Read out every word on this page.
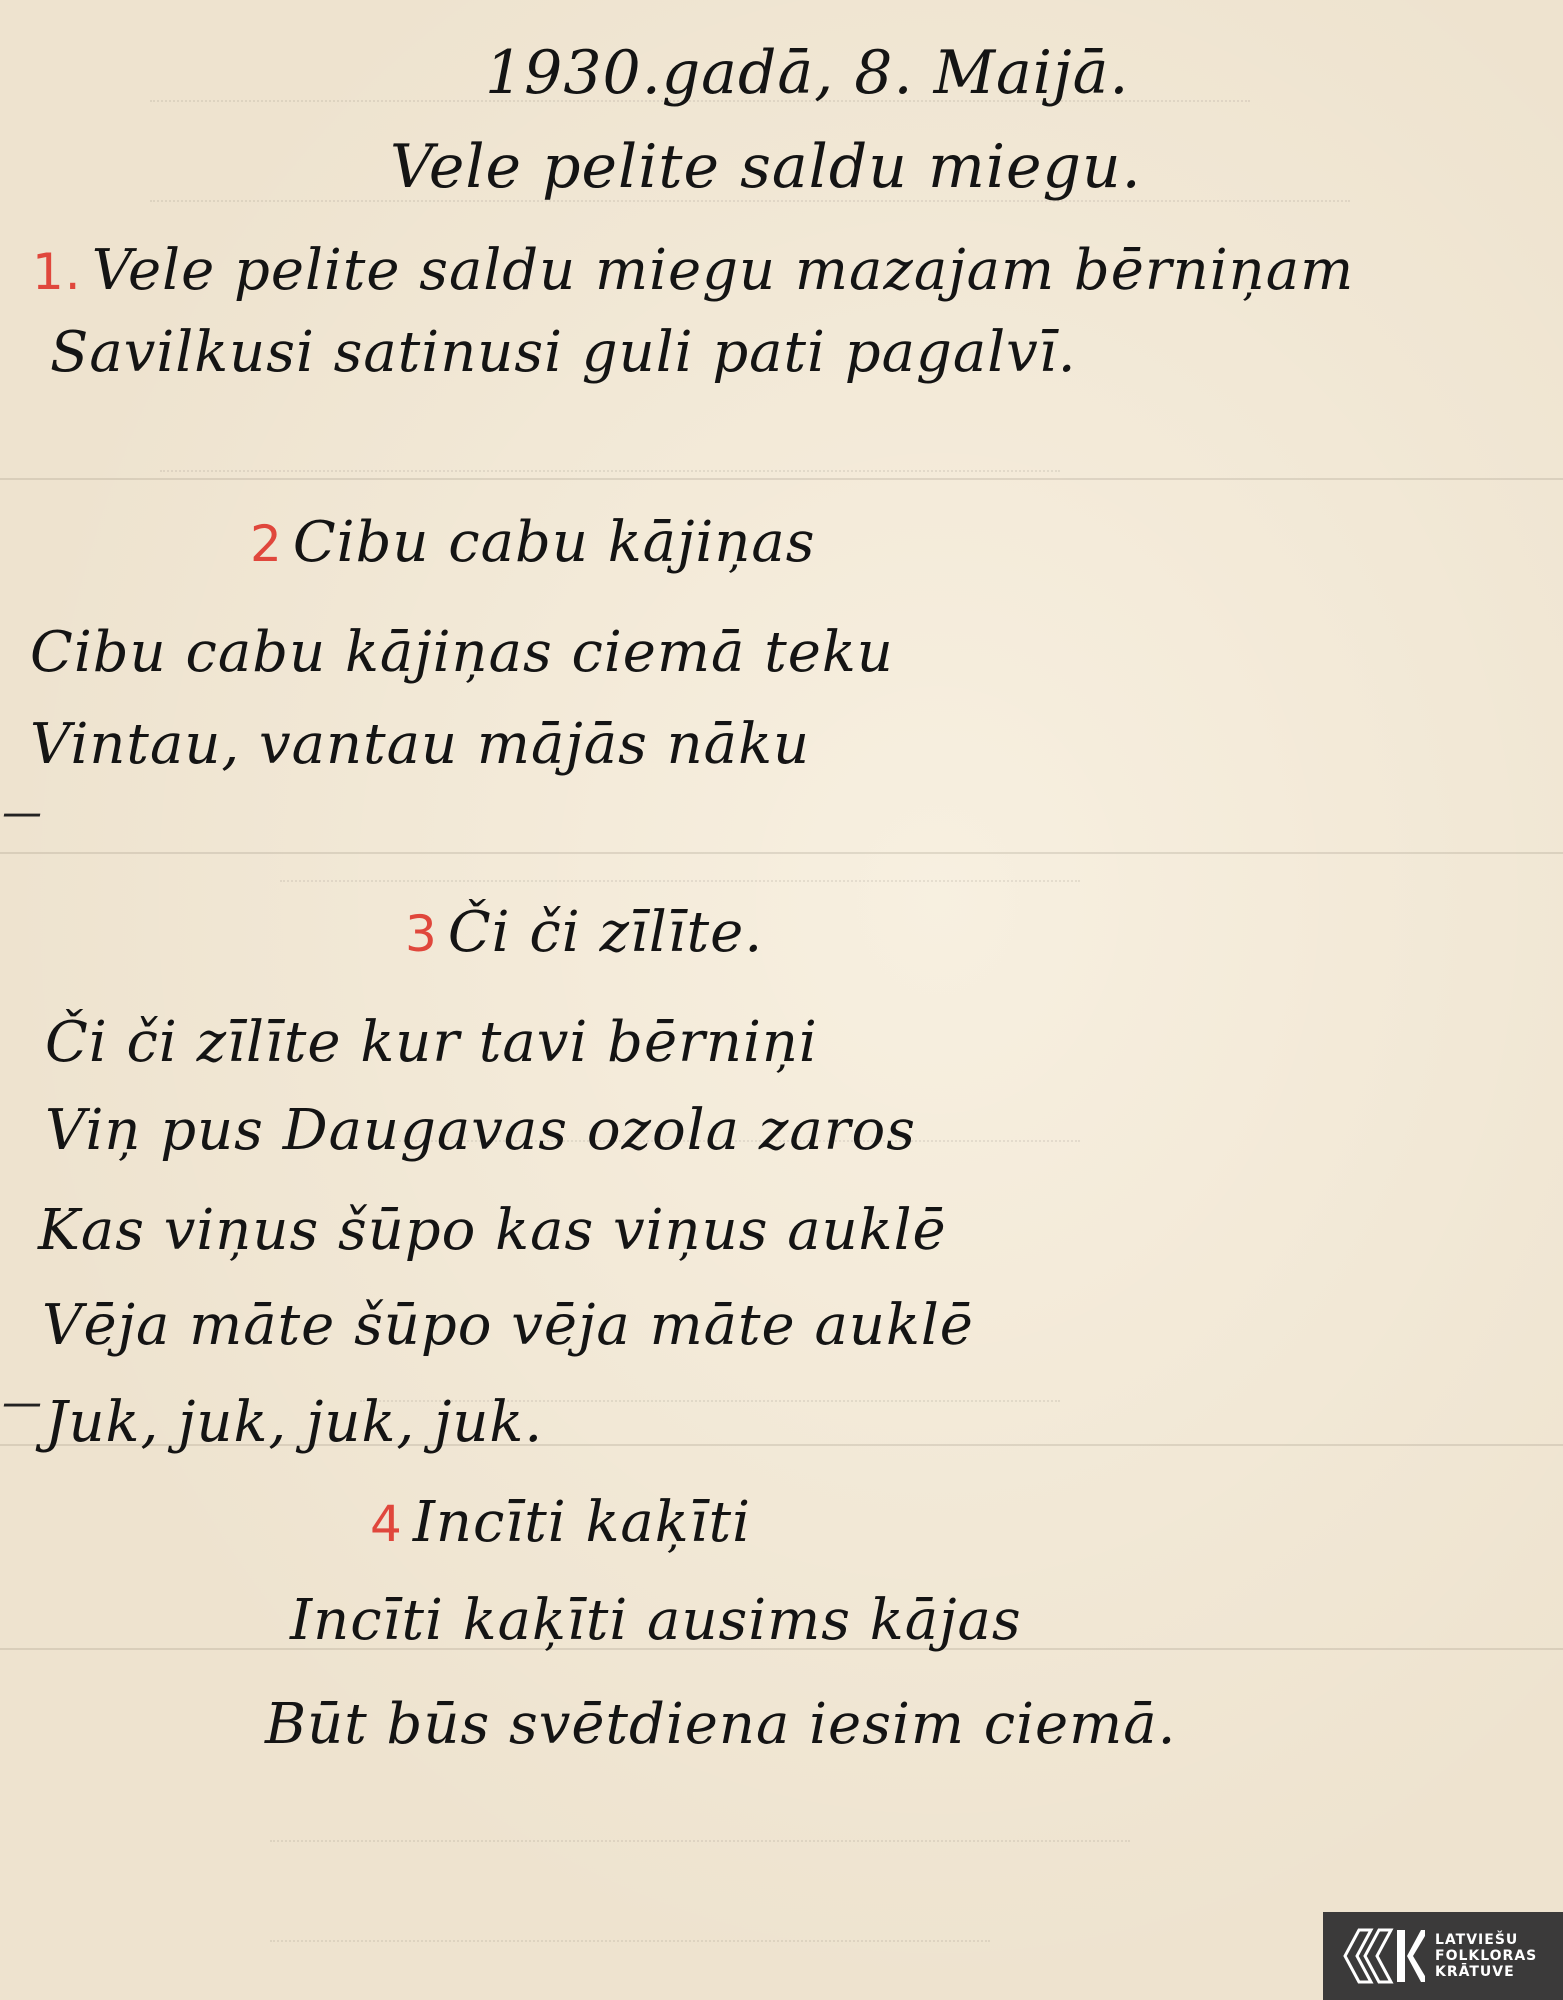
—
—
1930.gadā, 8. Maijā.
Vele pelite saldu miegu.
1. Vele pelite saldu miegu mazajam bērniņam
Savilkusi satinusi guli pati pagalvī.
2 Cibu cabu kājiņas
Cibu cabu kājiņas ciemā teku
Vintau, vantau mājās nāku
3 Či či zīlīte.
Či či zīlīte kur tavi bērniņi
Viņ pus Daugavas ozola zaros
Kas viņus šūpo kas viņus auklē
Vēja māte šūpo vēja māte auklē
Juk, juk, juk, juk.
4 Incīti kaķīti
Incīti kaķīti ausims kājas
Būt būs svētdiena iesim ciemā.
LATVIEŠU
FOLKLORAS
KRĀTUVE
